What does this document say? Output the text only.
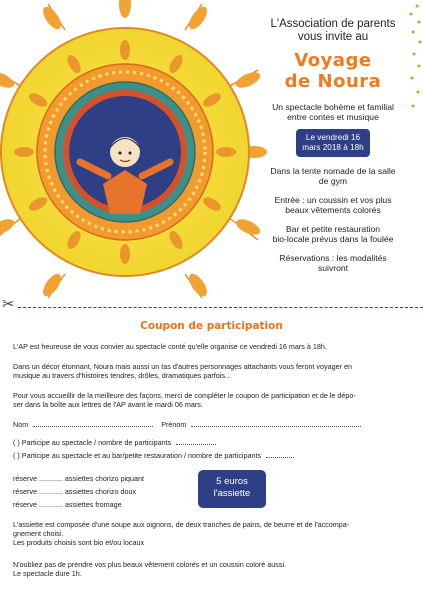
L'Association de parents
vous invite au
Voyage
de Noura
Un spectacle bohème et familial
entre contes et musique
Le vendredi 16
mars 2018 à 18h
Dans la tente nomade de la salle
de gym
Entrée : un coussin et vos plus
beaux vêtements colorés
Bar et petite restauration
bio-locale prévus dans la foulée
Réservations : les modalités
suivront
✂
Coupon de participation
L'AP est heureuse de vous convier au spectacle conté qu'elle organise ce vendredi 16 mars à 18h.
Dans un décor étonnant, Noura mais aussi un tas d'autres personnages attachants vous feront voyager en
musique au travers d'histoires tendres, drôles, dramatiques parfois...
Pour vous accueillir de la meilleure des façons, merci de compléter le coupon de participation et de le dépo-
ser dans la boîte aux lettres de l'AP avant le mardi 06 mars.
Nom	Prénom
( ) Participe au spectacle / nombre de participants
( ) Participe au spectacle et au bar/petite restauration / nombre de participants
réserve ............ assiettes chorizo piquant
réserve ............ assiettes chorizo doux
réserve ............ assiettes fromage
5 euros
l'assiette
L'assiette est composée d'une soupe aux oignons, de deux tranches de pains, de beurre et de l'accompa-
gnement choisi.
Les produits choisis sont bio et/ou locaux
N'oubliez pas de prendre vos plus beaux vêtement colorés et un coussin coloré aussi.
Le spectacle dure 1h.
